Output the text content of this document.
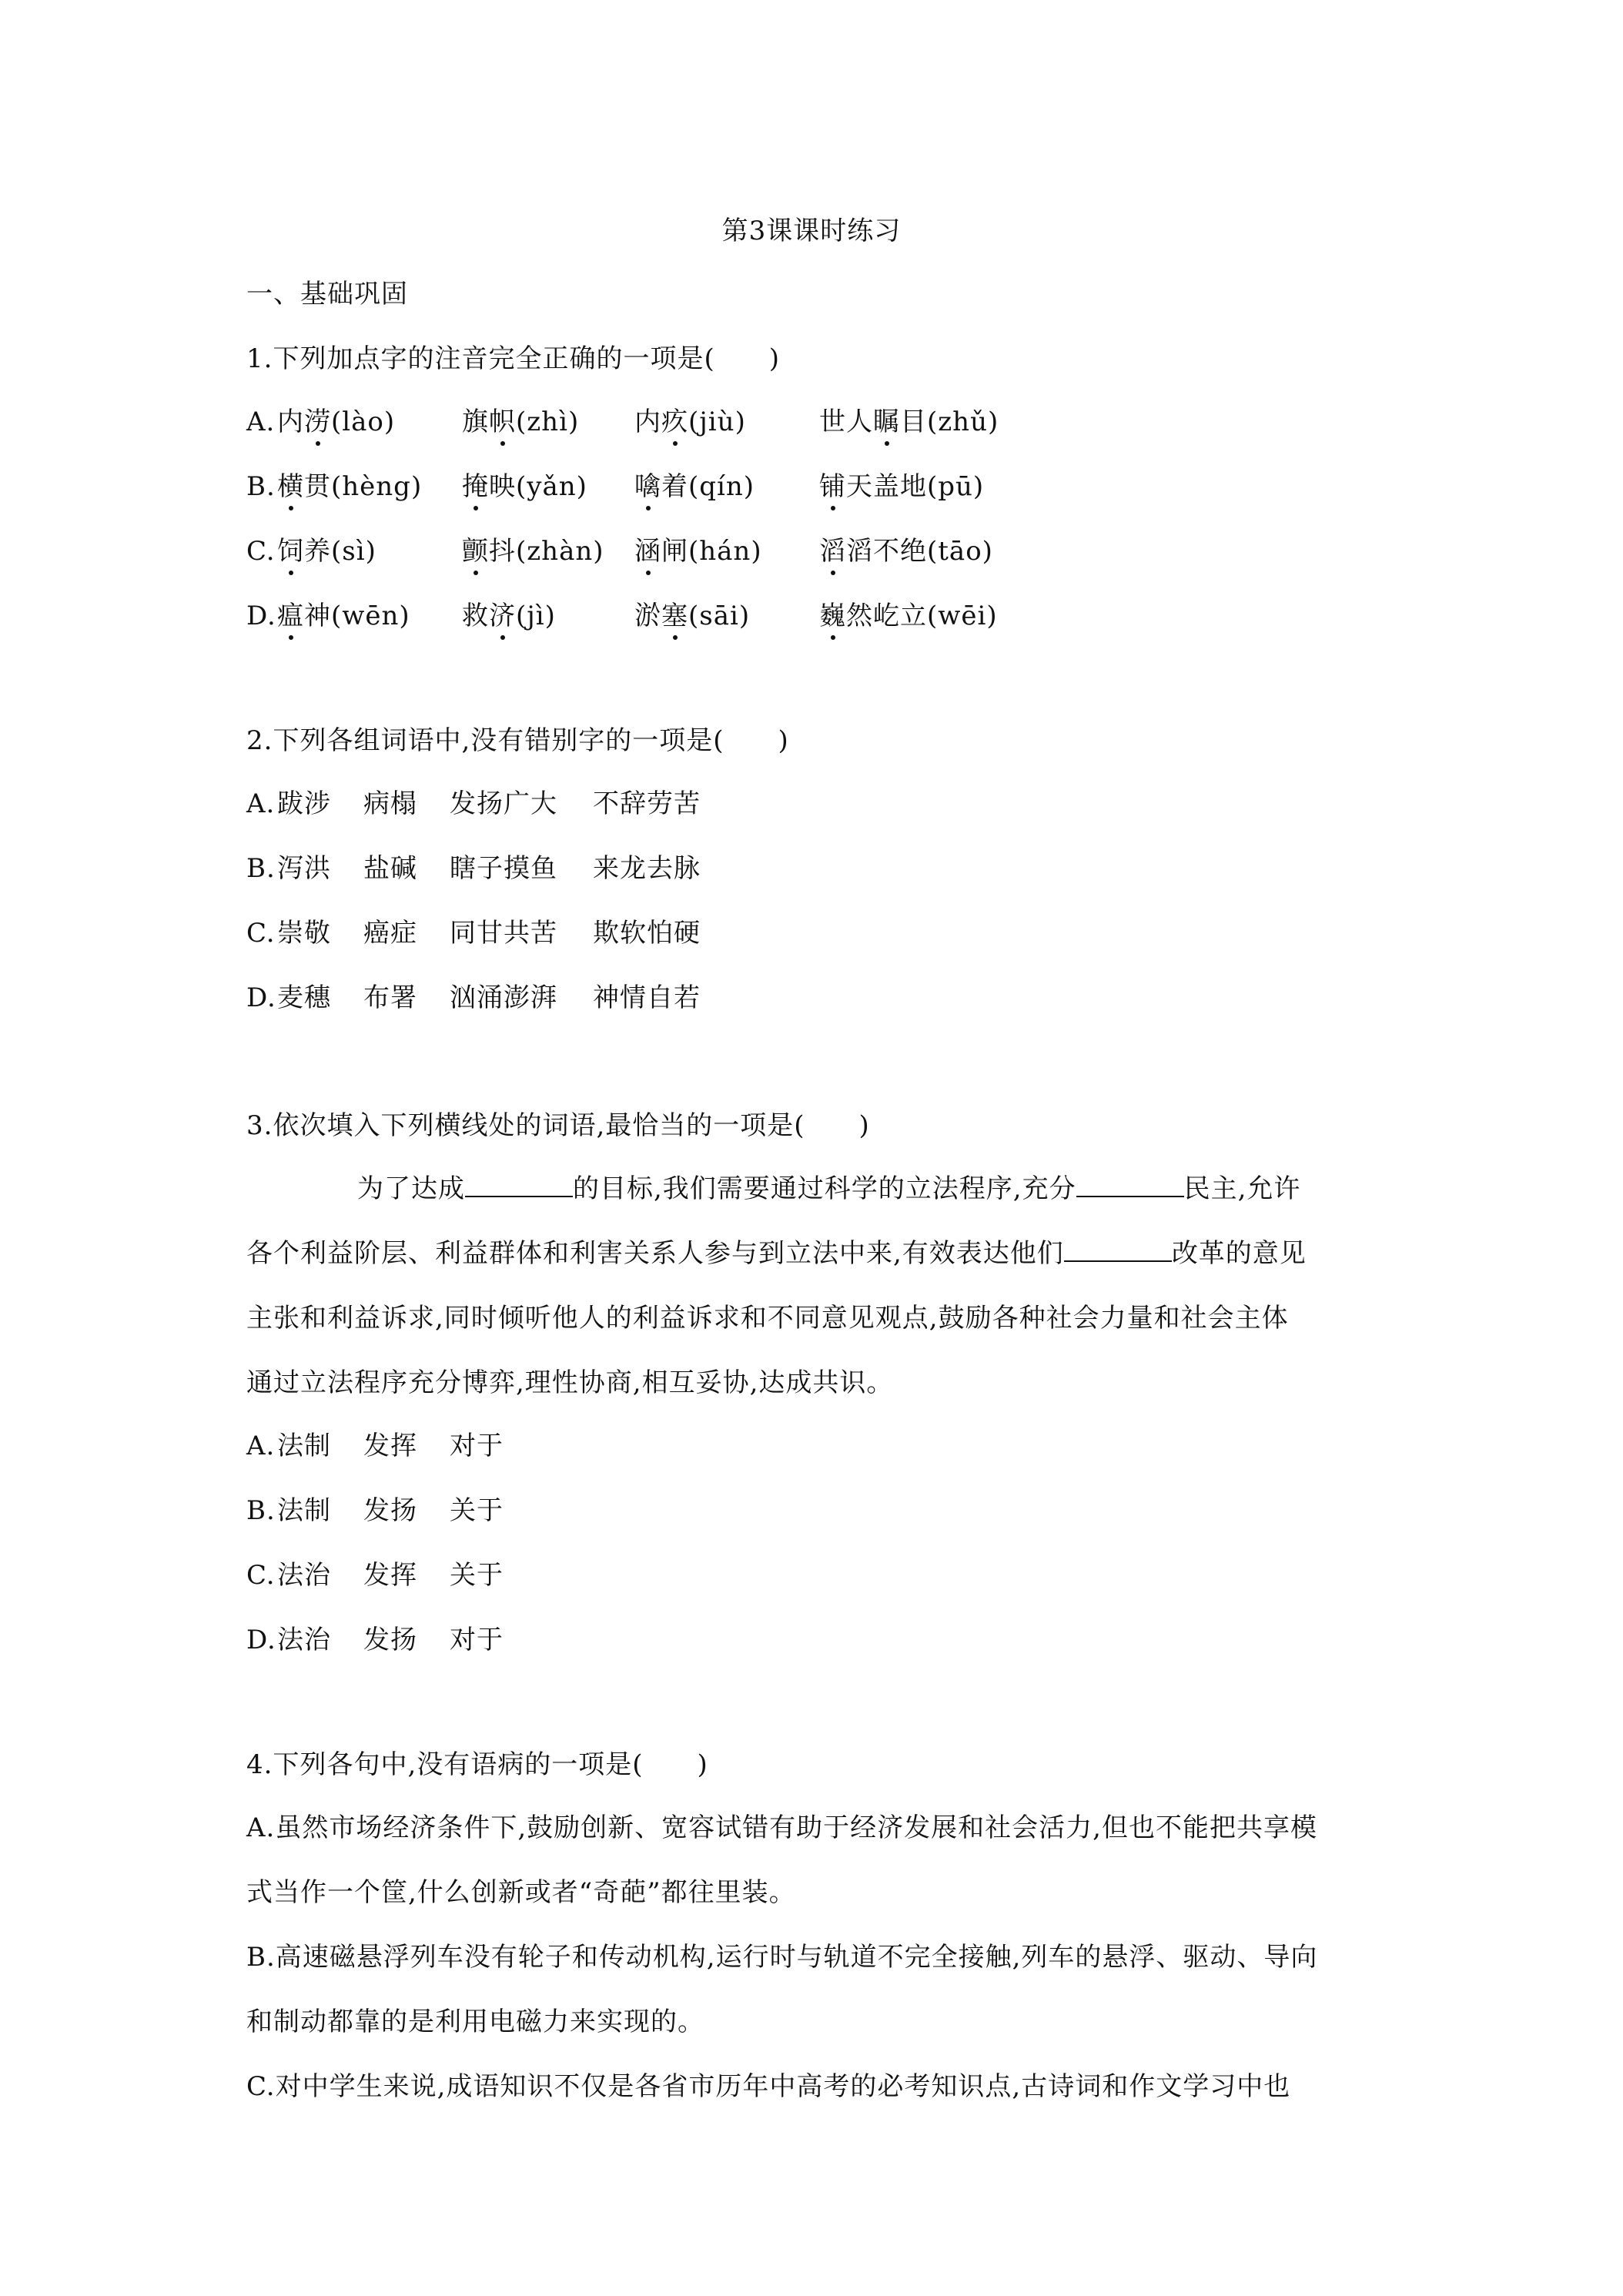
第3课课时练习
一、基础巩固
1.下列加点字的注音完全正确的一项是(　　)
A. 内涝(lào)	旗帜(zhì) 内疚(jiù)	世人瞩目(zhǔ)
B. 横贯(hèng) 掩映(yǎn) 噙着(qín) 铺天盖地(pū)
C. 饲养(sì)	颤抖(zhàn) 涵闸(hán) 滔滔不绝(tāo)
D. 瘟神(wēn) 救济(jì)	淤塞(sāi)	巍然屹立(wēi)
2.下列各组词语中,没有错别字的一项是(　　)
A. 跋涉 病榻 发扬广大 不辞劳苦
B. 泻洪 盐碱 瞎子摸鱼 来龙去脉
C. 崇敬 癌症 同甘共苦 欺软怕硬
D. 麦穗 布署 汹涌澎湃 神情自若
3.依次填入下列横线处的词语,最恰当的一项是(　　)
为了达成	的目标,我们需要通过科学的立法程序,充分	民主,允许
各个利益阶层、利益群体和利害关系人参与到立法中来,有效表达他们	改革的意见
主张和利益诉求,同时倾听他人的利益诉求和不同意见观点,鼓励各种社会力量和社会主体
通过立法程序充分博弈,理性协商,相互妥协,达成共识。
A. 法制 发挥 对于
B. 法制 发扬 关于
C. 法治 发挥 关于
D. 法治 发扬 对于
4.下列各句中,没有语病的一项是(　　)
A.虽然市场经济条件下,鼓励创新、宽容试错有助于经济发展和社会活力,但也不能把共享模
式当作一个筐,什么创新或者“奇葩”都往里装。
B.高速磁悬浮列车没有轮子和传动机构,运行时与轨道不完全接触,列车的悬浮、驱动、导向
和制动都靠的是利用电磁力来实现的。
C.对中学生来说,成语知识不仅是各省市历年中高考的必考知识点,古诗词和作文学习中也
